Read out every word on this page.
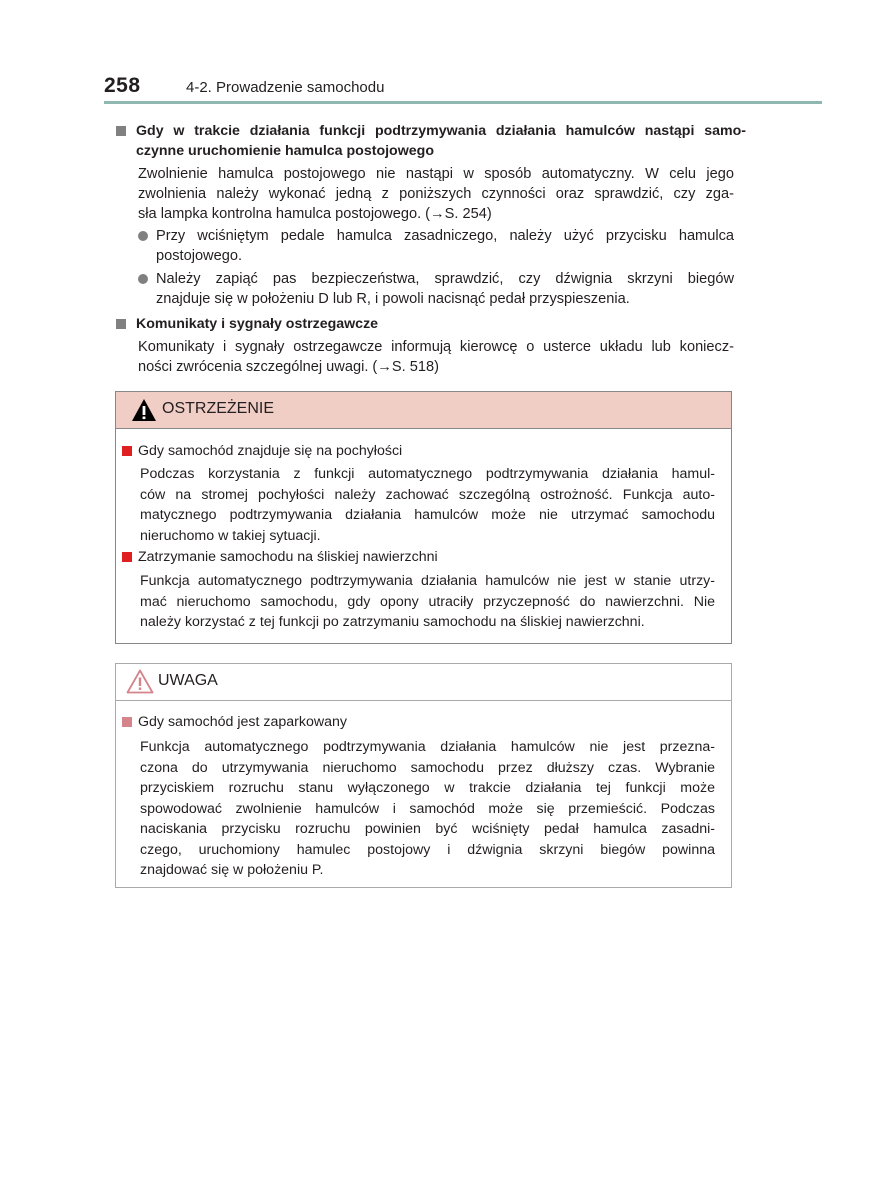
258	4-2. Prowadzenie samochodu
Gdy w trakcie działania funkcji podtrzymywania działania hamulców nastąpi samo-
czynne uruchomienie hamulca postojowego
Zwolnienie hamulca postojowego nie nastąpi w sposób automatyczny. W celu jego
zwolnienia należy wykonać jedną z poniższych czynności oraz sprawdzić, czy zga-
sła lampka kontrolna hamulca postojowego. (→S. 254)
Przy wciśniętym pedale hamulca zasadniczego, należy użyć przycisku hamulca
postojowego.
Należy zapiąć pas bezpieczeństwa, sprawdzić, czy dźwignia skrzyni biegów
znajduje się w położeniu D lub R, i powoli nacisnąć pedał przyspieszenia.
Komunikaty i sygnały ostrzegawcze
Komunikaty i sygnały ostrzegawcze informują kierowcę o usterce układu lub koniecz-
ności zwrócenia szczególnej uwagi. (→S. 518)
OSTRZEŻENIE
Gdy samochód znajduje się na pochyłości
Podczas korzystania z funkcji automatycznego podtrzymywania działania hamul-
ców na stromej pochyłości należy zachować szczególną ostrożność. Funkcja auto-
matycznego podtrzymywania działania hamulców może nie utrzymać samochodu
nieruchomo w takiej sytuacji.
Zatrzymanie samochodu na śliskiej nawierzchni
Funkcja automatycznego podtrzymywania działania hamulców nie jest w stanie utrzy-
mać nieruchomo samochodu, gdy opony utraciły przyczepność do nawierzchni. Nie
należy korzystać z tej funkcji po zatrzymaniu samochodu na śliskiej nawierzchni.
UWAGA
Gdy samochód jest zaparkowany
Funkcja automatycznego podtrzymywania działania hamulców nie jest przezna-
czona do utrzymywania nieruchomo samochodu przez dłuższy czas. Wybranie
przyciskiem rozruchu stanu wyłączonego w trakcie działania tej funkcji może
spowodować zwolnienie hamulców i samochód może się przemieścić. Podczas
naciskania przycisku rozruchu powinien być wciśnięty pedał hamulca zasadni-
czego, uruchomiony hamulec postojowy i dźwignia skrzyni biegów powinna
znajdować się w położeniu P.
